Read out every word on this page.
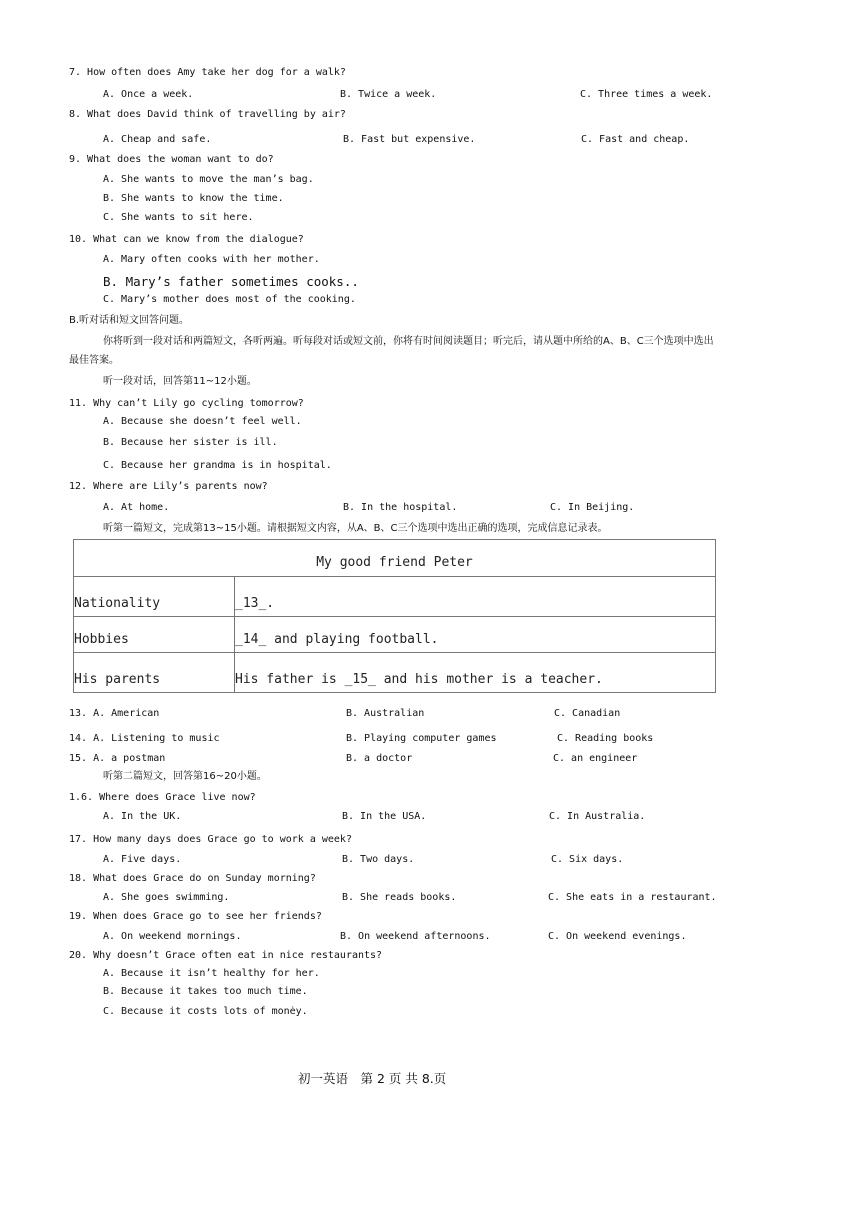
7. How often does Amy take her dog for a walk?
A. Once a week.	B. Twice a week.	C. Three times a week.
8. What does David think of travelling by air?
A. Cheap and safe.	B. Fast but expensive.	C. Fast and cheap.
9. What does the woman want to do?
A. She wants to move the man’s bag.
B. She wants to know the time.
C. She wants to sit here.
10. What can we know from the dialogue?
A. Mary often cooks with her mother.
B. Mary’s father sometimes cooks..
C. Mary’s mother does most of the cooking.
B.听对话和短文回答问题。
你将听到一段对话和两篇短文，各听两遍。听每段对话或短文前，你将有时间阅读题目；听完后，请从题中所给的A、B、C三个选项中选出
最佳答案。
听一段对话，回答第11~12小题。
11. Why can’t Lily go cycling tomorrow?
A. Because she doesn’t feel well.
B. Because her sister is ill.
C. Because her grandma is in hospital.
12. Where are Lily’s parents now?
A. At home.	B. In the hospital.	C. In Beijing.
听第一篇短文，完成第13~15小题。请根据短文内容，从A、B、C三个选项中选出正确的选项，完成信息记录表。
My good friend Peter	
Nationality	_13_.
Hobbies	_14_ and playing football.
His parents	His father is _15_ and his mother is a teacher.
13. A. American	B. Australian	C. Canadian
14. A. Listening to music	B. Playing computer games	C. Reading books
15. A. a postman	B. a doctor	C. an engineer
听第二篇短文，回答第16~20小题。
1.6. Where does Grace live now?
A. In the UK.	B. In the USA.	C. In Australia.
17. How many days does Grace go to work a week?
A. Five days.	B. Two days.	C. Six days.
18. What does Grace do on Sunday morning?
A. She goes swimming.	B. She reads books.	C. She eats in a restaurant.
19. When does Grace go to see her friends?
A. On weekend mornings.	B. On weekend afternoons.	C. On weekend evenings.
20. Why doesn’t Grace often eat in nice restaurants?
A. Because it isn’t healthy for her.
B. Because it takes too much time.
C. Because it costs lots of monėy.
初一英语　第 2 页 共 8.页
